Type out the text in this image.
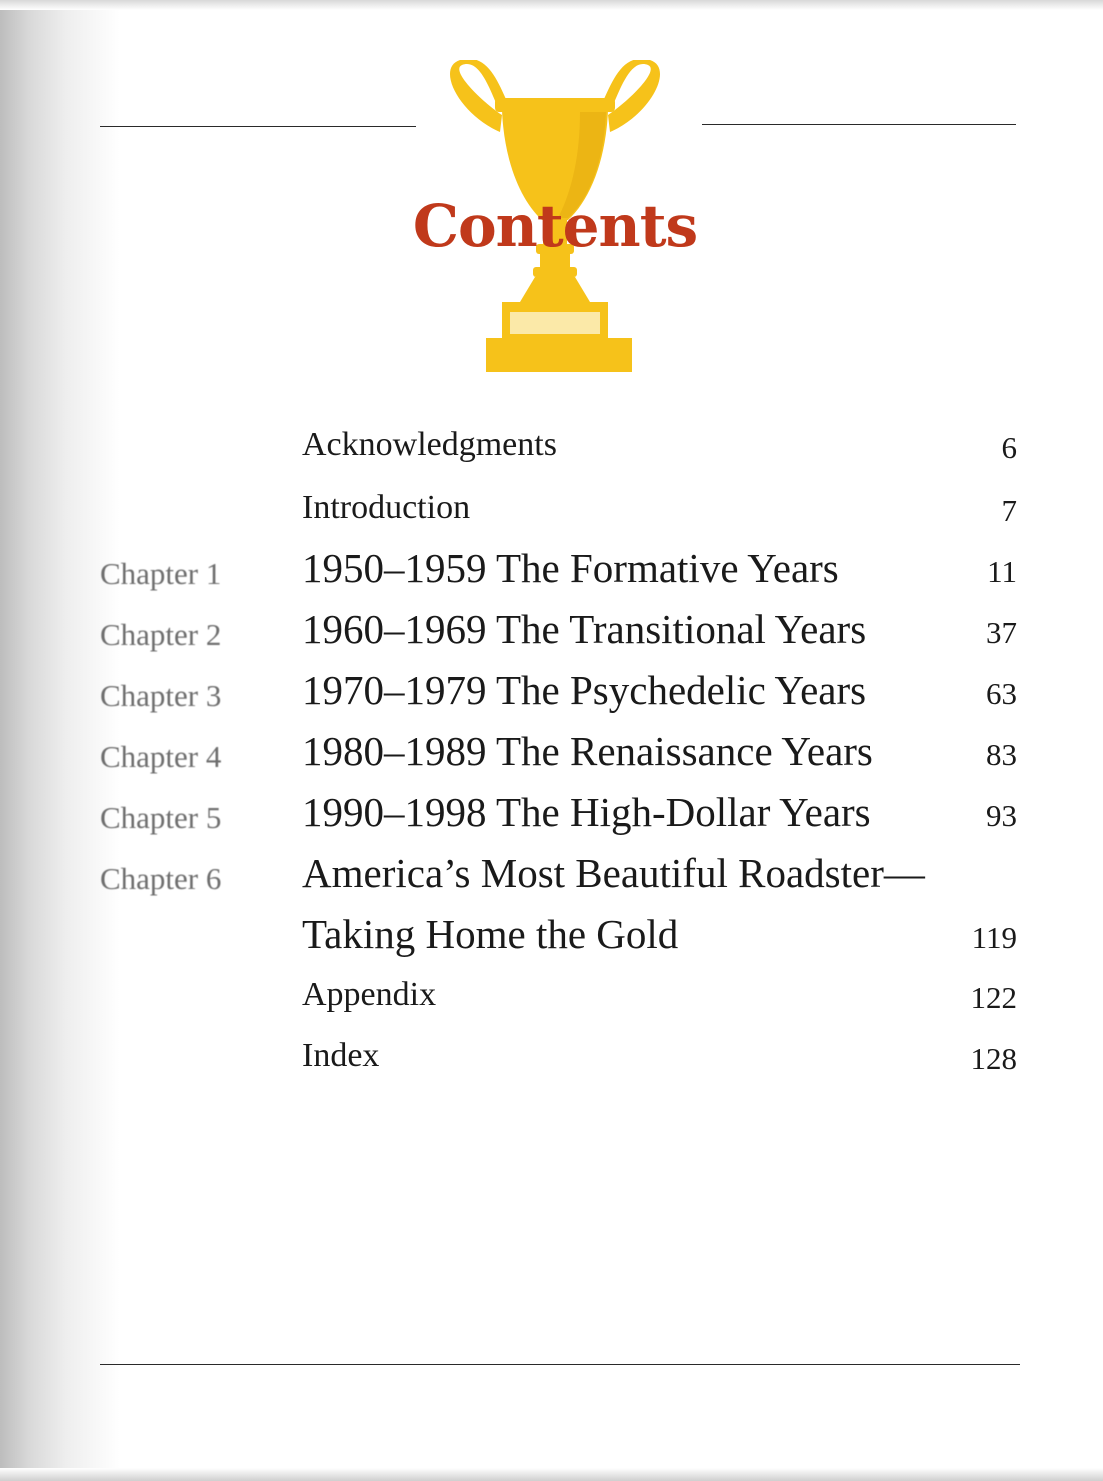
Contents
Acknowledgments	6
Introduction	7
Chapter 1 1950–1959 The Formative Years	11
Chapter 2 1960–1969 The Transitional Years	37
Chapter 3 1970–1979 The Psychedelic Years	63
Chapter 4 1980–1989 The Renaissance Years	83
Chapter 5 1990–1998 The High-Dollar Years	93
Chapter 6 America’s Most Beautiful Roadster—
Taking Home the Gold	119
Appendix	122
Index	128
